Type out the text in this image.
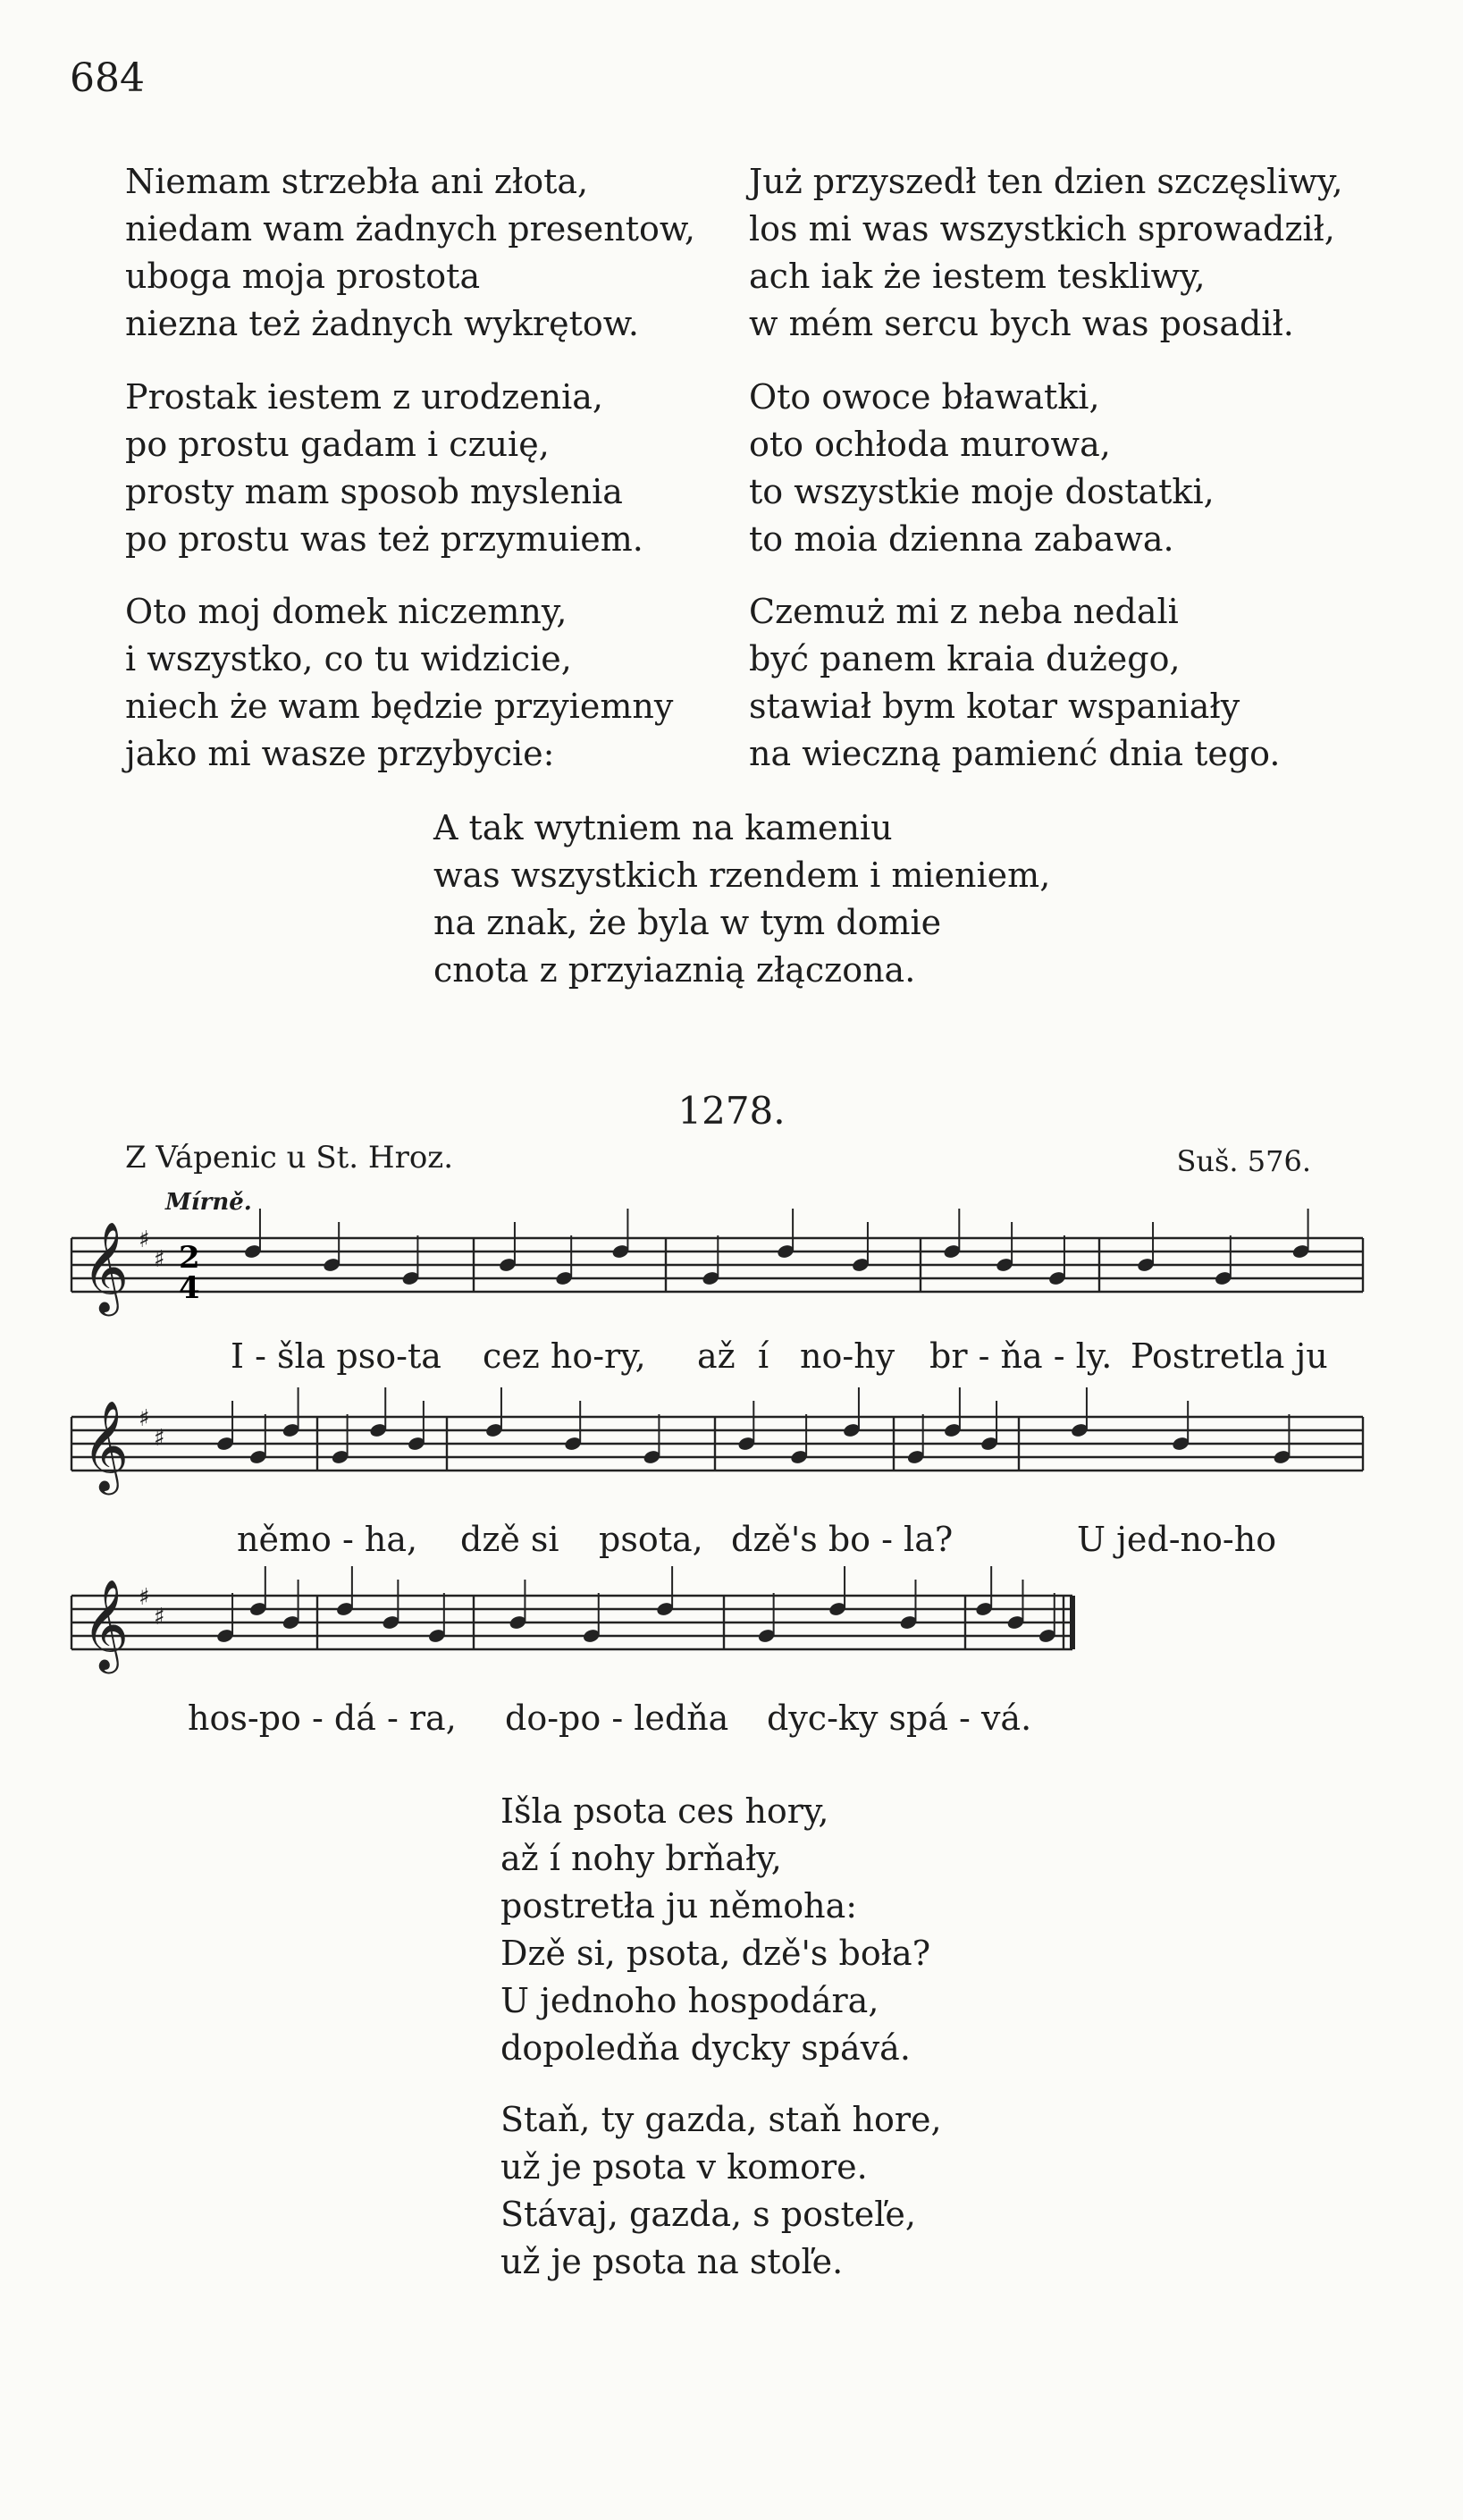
684
Niemam strzebła ani złota,
niedam wam żadnych presentow,
uboga moja prostota
niezna też żadnych wykrętow.
Prostak iestem z urodzenia,
po prostu gadam i czuię,
prosty mam sposob myslenia
po prostu was też przymuiem.
Oto moj domek niczemny,
i wszystko, co tu widzicie,
niech że wam będzie przyiemny
jako mi wasze przybycie:
Już przyszedł ten dzien szczęsliwy,
los mi was wszystkich sprowadził,
ach iak że iestem teskliwy,
w mém sercu bych was posadił.
Oto owoce bławatki,
oto ochłoda murowa,
to wszystkie moje dostatki,
to moia dzienna zabawa.
Czemuż mi z neba nedali
być panem kraia dużego,
stawiał bym kotar wspaniały
na wieczną pamienć dnia tego.
A tak wytniem na kameniu
was wszystkich rzendem i mieniem,
na znak, że byla w tym domie
cnota z przyiaznią złączona.
1278.
Z Vápenic u St. Hroz.	Suš. 576.
Mírně.
𝄞 ♯
♯
𝄞 ♯
♯
𝄞 ♯
♯
2
4
I - šla pso-ta cez ho-ry, až í no-hy br - ňa - ly. Postretla ju
němo - ha, dzě si psota, dzě's bo - la?	U jed-no-ho
hos-po - dá - ra, do-po - ledňa dyc-ky spá - vá.
Išla psota ces hory,
až í nohy brňały,
postretła ju němoha:
Dzě si, psota, dzě's boła?
U jednoho hospodára,
dopoledňa dycky spává.
Staň, ty gazda, staň hore,
už je psota v komore.
Stávaj, gazda, s posteľe,
už je psota na stoľe.
